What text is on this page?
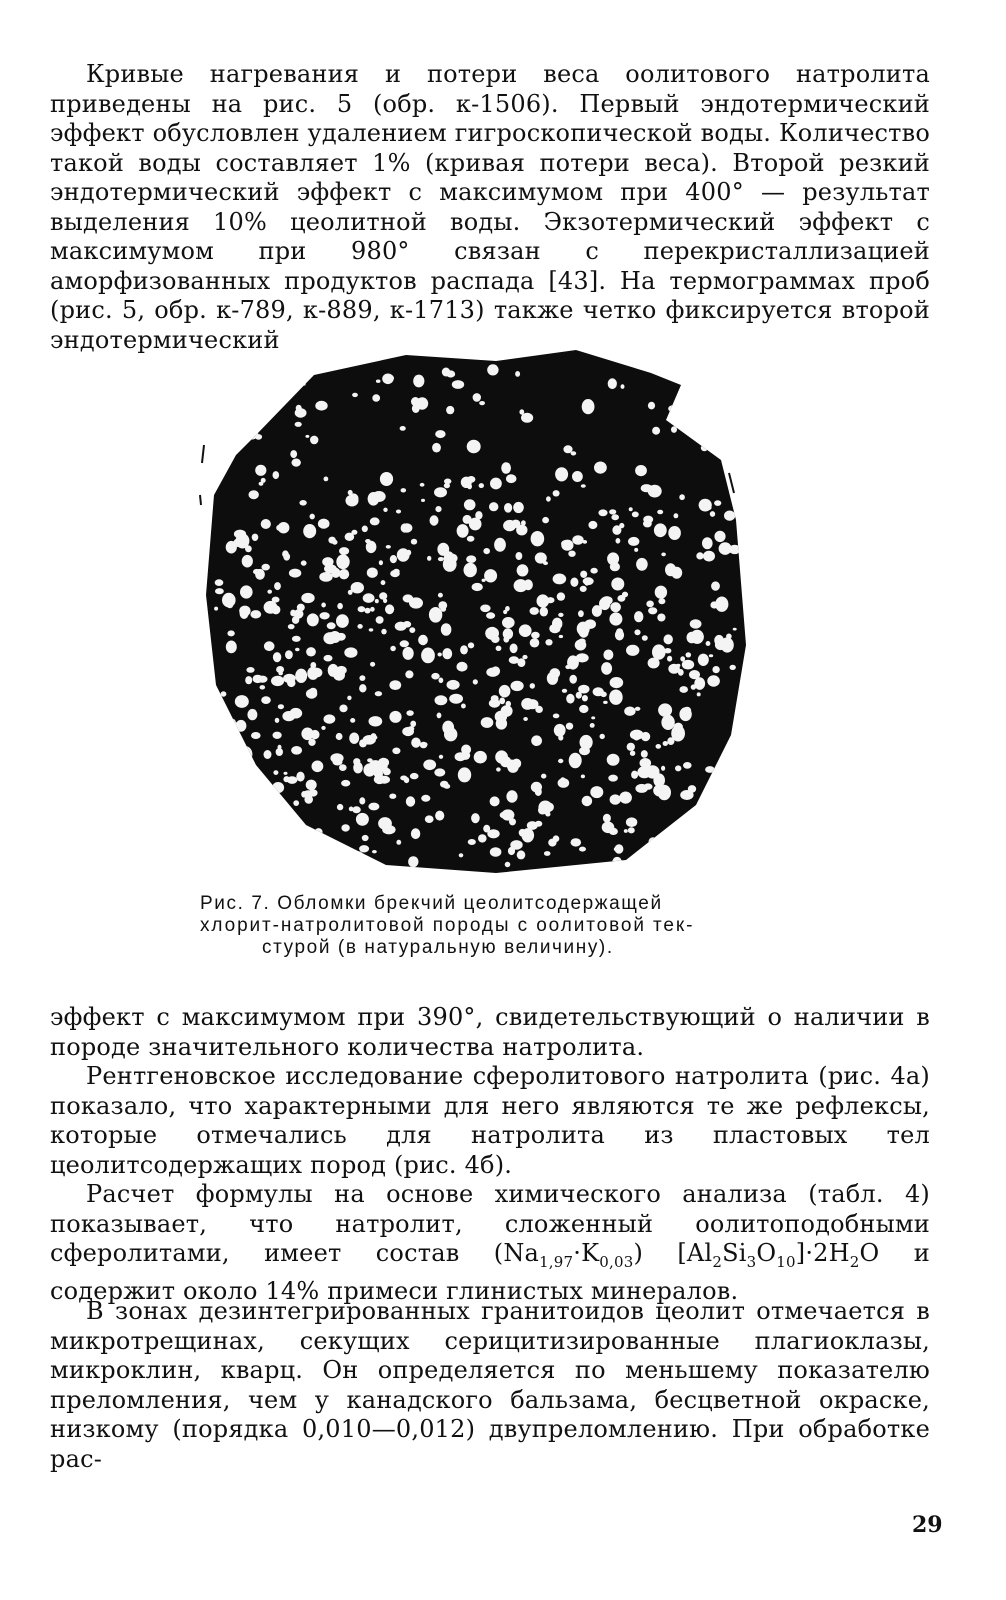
Кривые нагревания и потери веса оолитового натролита приведены на рис. 5 (обр. к-1506). Первый эндотермический эффект обусловлен удалением гигроскопической воды. Количество такой воды составляет 1% (кривая потери веса). Второй резкий эндотермический эффект с максимумом при 400° — результат выделения 10% цеолитной воды. Экзотермический эффект с максимумом при 980° связан с перекристаллизацией аморфизованных продуктов распада [43]. На термограммах проб (рис. 5, обр. к-789, к-889, к-1713) также четко фиксируется второй эндотермический

Рис. 7. Обломки брекчий цеолитсодержащей
хлорит-натролитовой породы с оолитовой тек-
стурой (в натуральную величину).

эффект с максимумом при 390°, свидетельствующий о наличии в породе значительного количества натролита.

Рентгеновское исследование сферолитового натролита (рис. 4а) показало, что характерными для него являются те же рефлексы, которые отмечались для натролита из пластовых тел цеолитсодержащих пород (рис. 4б).

Расчет формулы на основе химического анализа (табл. 4) показывает, что натролит, сложенный оолитоподобными сферолитами, имеет состав $(Na_{1,97}\cdot K_{0,03})$ $[Al_2Si_3O_{10}]\cdot 2H_2O$ и содержит около 14% примеси глинистых минералов.

В зонах дезинтегрированных гранитоидов цеолит отмечается в микротрещинах, секущих серицитизированные плагиоклазы, микроклин, кварц. Он определяется по меньшему показателю преломления, чем у канадского бальзама, бесцветной окраске, низкому (порядка 0,010—0,012) двупреломлению. При обработке рас-

29
